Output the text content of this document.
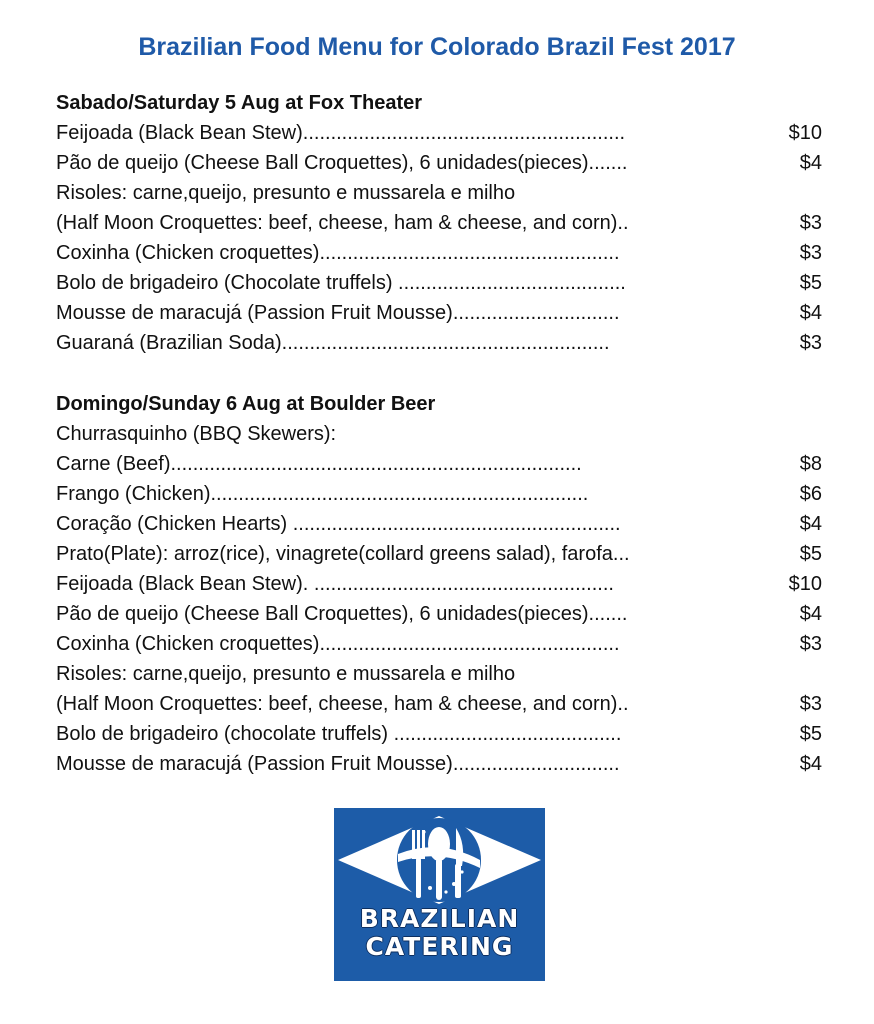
Brazilian Food Menu for Colorado Brazil Fest 2017
Sabado/Saturday 5 Aug at Fox Theater
Feijoada (Black Bean Stew)..........................................................	$10
Pão de queijo (Cheese Ball Croquettes), 6 unidades(pieces).......	$4
Risoles: carne,queijo, presunto e mussarela e milho
(Half Moon Croquettes: beef, cheese, ham & cheese, and corn)..	$3
Coxinha (Chicken croquettes)......................................................	$3
Bolo de brigadeiro (Chocolate truffels) .........................................	$5
Mousse de maracujá (Passion Fruit Mousse)..............................	$4
Guaraná (Brazilian Soda)...........................................................	$3
Domingo/Sunday 6 Aug at Boulder Beer
Churrasquinho (BBQ Skewers):
Carne (Beef)..........................................................................	$8
Frango (Chicken)....................................................................	$6
Coração (Chicken Hearts) ...........................................................	$4
Prato(Plate): arroz(rice), vinagrete(collard greens salad), farofa...	$5
Feijoada (Black Bean Stew). ......................................................	$10
Pão de queijo (Cheese Ball Croquettes), 6 unidades(pieces).......	$4
Coxinha (Chicken croquettes)......................................................	$3
Risoles: carne,queijo, presunto e mussarela e milho
(Half Moon Croquettes: beef, cheese, ham & cheese, and corn)..	$3
Bolo de brigadeiro (chocolate truffels) .........................................	$5
Mousse de maracujá (Passion Fruit Mousse)..............................	$4
BRAZILIAN
CATERING
